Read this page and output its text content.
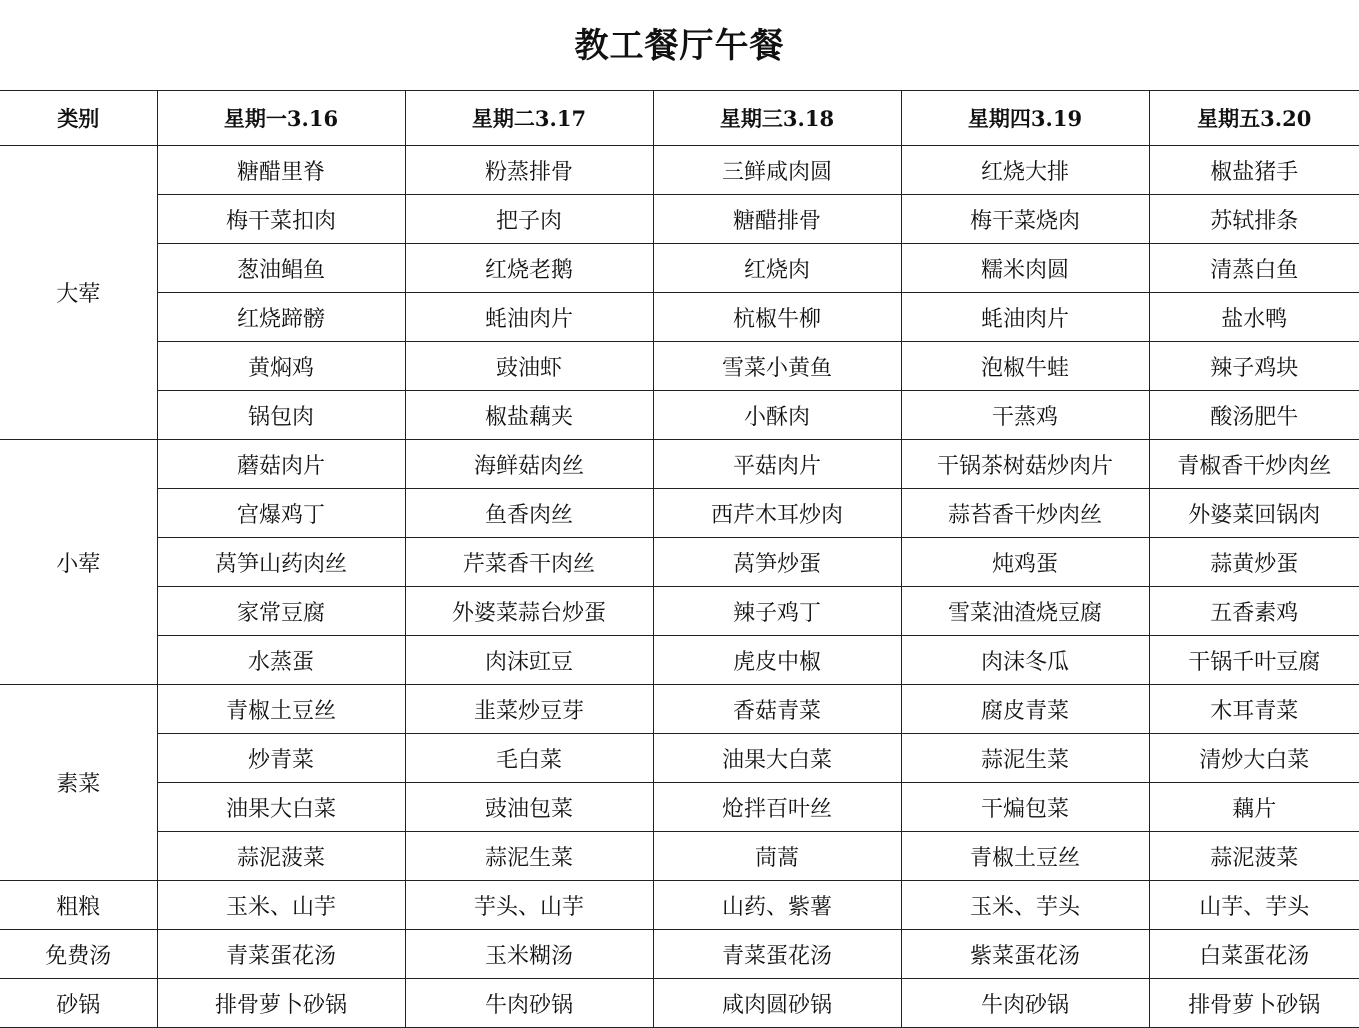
教工餐厅午餐
类别	星期一3.16	星期二3.17	星期三3.18	星期四3.19	星期五3.20
大荤	糖醋里脊	粉蒸排骨	三鲜咸肉圆	红烧大排	椒盐猪手
	梅干菜扣肉	把子肉	糖醋排骨	梅干菜烧肉	苏轼排条
	葱油鲳鱼	红烧老鹅	红烧肉	糯米肉圆	清蒸白鱼
	红烧蹄髈	蚝油肉片	杭椒牛柳	蚝油肉片	盐水鸭
	黄焖鸡	豉油虾	雪菜小黄鱼	泡椒牛蛙	辣子鸡块
	锅包肉	椒盐藕夹	小酥肉	干蒸鸡	酸汤肥牛
小荤	蘑菇肉片	海鲜菇肉丝	平菇肉片	干锅茶树菇炒肉片	青椒香干炒肉丝
	宫爆鸡丁	鱼香肉丝	西芹木耳炒肉	蒜苔香干炒肉丝	外婆菜回锅肉
	莴笋山药肉丝	芹菜香干肉丝	莴笋炒蛋	炖鸡蛋	蒜黄炒蛋
	家常豆腐	外婆菜蒜台炒蛋	辣子鸡丁	雪菜油渣烧豆腐	五香素鸡
	水蒸蛋	肉沫豇豆	虎皮中椒	肉沫冬瓜	干锅千叶豆腐
素菜	青椒土豆丝	韭菜炒豆芽	香菇青菜	腐皮青菜	木耳青菜
	炒青菜	毛白菜	油果大白菜	蒜泥生菜	清炒大白菜
	油果大白菜	豉油包菜	炝拌百叶丝	干煸包菜	藕片
	蒜泥菠菜	蒜泥生菜	茼蒿	青椒土豆丝	蒜泥菠菜
粗粮	玉米、山芋	芋头、山芋	山药、紫薯	玉米、芋头	山芋、芋头
免费汤	青菜蛋花汤	玉米糊汤	青菜蛋花汤	紫菜蛋花汤	白菜蛋花汤
砂锅	排骨萝卜砂锅	牛肉砂锅	咸肉圆砂锅	牛肉砂锅	排骨萝卜砂锅
